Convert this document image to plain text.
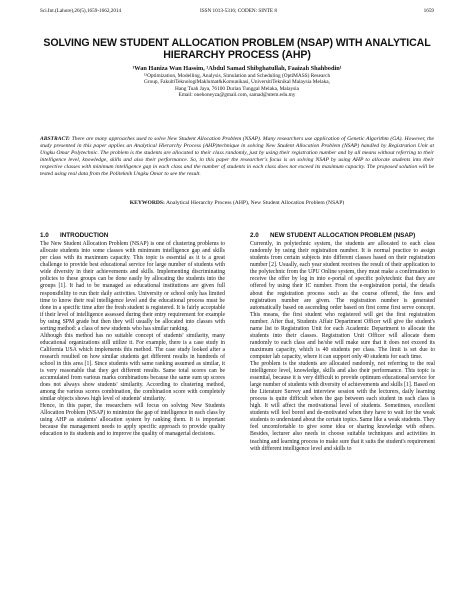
Sci.Int.(Lahore),26(5),1659-1662,2014	ISSN 1013-5316; CODEN: SINTE 8	1659
SOLVING NEW STUDENT ALLOCATION PROBLEM (NSAP) WITH ANALYTICAL HIERARCHY PROCESS (AHP)
¹Wan Haniza Wan Hassim, ²Abdul Samad Shibghatullah, Faaizah Shahbodin¹
¹²Optimization, Modelling, Analysis, Simulation and Scheduling (OptiMASS) Research
Group, FakultiTeknologiMaklumat&Komunikasi, UniversitiTeknikal Malaysia Melaka,
Hang Tuah Jaya, 76100 Durian Tunggal Melaka, Malaysia
Email: onehoneyza@gmail.com, samad@utem.edu.my
ABSTRACT: There are many approaches used to solve New Student Allocation Problem (NSAP). Many researchers use application of Genetic Algorithm (GA). However, the study presented in this paper applies an Analytical Hierarchy Process (AHP)technique in solving New Student Allocation Problem (NSAP) handled by Registration Unit at Ungku Omar Polytechnic. The problem is the students are allocated to their class randomly, just by using their registration number and by all means without referring to their intelligence level, knowledge, skills and also their performance. So, in this paper the researcher's focus is on solving NSAP by using AHP to allocate students into their respective classes with minimum intelligence gap in each class and the number of students in each class does not exceed its maximum capacity. The proposed solution will be tested using real data from the Politeknik Ungku Omar to see the result.
KEYWORDS: Analytical Hierarchy Process (AHP), New Student Allocation Problem (NSAP)
1.0	INTRODUCTION

The New Student Allocation Problem (NSAP) is one of clustering problems to allocate students into some classes with minimum intelligence gap and skills per class with its maximum capacity. This topic is essential as it is a great challenge to provide best educational service for large number of students with wide diversity in their achievements and skills. Implementing discriminating policies to these groups can be done easily by allocating the students into the groups [1]. It had to be managed as educational institutions are given full responsibility to run their daily activities. University or school only has limited time to know their real intelligence level and the educational process must be done in a specific time after the fresh student is registered. It is fairly acceptable if their level of intelligence assessed during their entry requirement for example by using SPM grade but then they will usually be allocated into classes with sorting method: a class of new students who has similar ranking.

Although this method has no suitable concept of students' similarity, many educational organizations still utilize it. For example, there is a case study in California USA which implements this method. The case study looked after a research resulted on how similar students get different results in hundreds of school in this area [1]. Since students with same ranking assumed as similar, it is very reasonable that they get different results. Same total scores can be accumulated from various marks combinations because the same sum up scores does not always show students' similarity. According to clustering method, among the various scores combination, the combination score with completely similar objects shows high level of students' similarity.

Hence, in this paper, the researchers will focus on solving New Students Allocation Problem (NSAP) to minimize the gap of intelligence in each class by using AHP as students' allocation system by ranking them. It is important because the management needs to apply specific approach to provide quality education to its students and to improve the quality of managerial decisions.

2.0	NEW STUDENT ALLOCATION PROBLEM (NSAP)

Currently, in polytechnic system, the students are allocated to each class randomly by using their registration number. It is normal practice to assign students from certain subjects into different classes based on their registration number [2]. Usually, each year student receives the result of their application to the polytechnic from the UPU Online system, they must make a confirmation to receive the offer by log in into e-portal of specific polytechnic that they are offered by using their IC number. From the e-registration portal, the details about the registration process such as the course offered, the fees and registration number are given. The registration number is generated automatically based on ascending order based on first come first serve concept. This means, the first student who registered will get the first registration number. After that, Students Affair Department Officer will give the student's name list to Registration Unit for each Academic Department to allocate the students into their classes. Registration Unit Officer will allocate them randomly to each class and he/she will make sure that it does not exceed its maximum capacity, which is 40 students per class. The limit is set due to computer lab capacity, where it can support only 40 students for each time.

The problem is the students are allocated randomly, not referring to the real intelligence level, knowledge, skills and also their performance. This topic is essential, because it is very difficult to provide optimum educational service for large number of students with diversity of achievements and skills [1]. Based on the Literature Survey and interview session with the lecturers, daily learning process is quite difficult when the gap between each student in each class is high. It will affect the motivational level of students. Sometimes, excellent students will feel bored and de-motivated when they have to wait for the weak students to understand about the certain topics. Same like a weak students. They feel uncomfortable to give some idea or sharing knowledge with others. Besides, lecturer also needs to choose suitable techniques and activities in teaching and learning process to make sure that it suits the student's requirement with different intelligence level and skills to
